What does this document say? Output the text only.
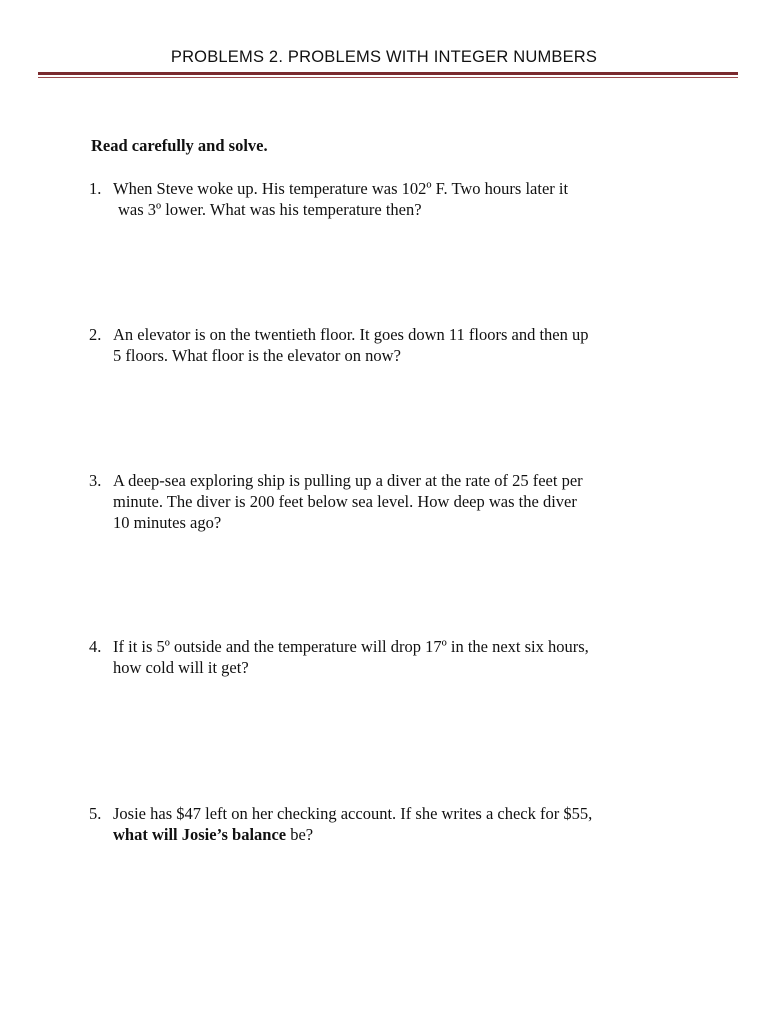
PROBLEMS 2. PROBLEMS WITH INTEGER NUMBERS
Read carefully and solve.
1. When Steve woke up. His temperature was 102º F. Two hours later it
was 3º lower. What was his temperature then?
2. An elevator is on the twentieth floor. It goes down 11 floors and then up
5 floors. What floor is the elevator on now?
3. A deep-sea exploring ship is pulling up a diver at the rate of 25 feet per
minute. The diver is 200 feet below sea level. How deep was the diver
10 minutes ago?
4. If it is 5º outside and the temperature will drop 17º in the next six hours,
how cold will it get?
5. Josie has $47 left on her checking account. If she writes a check for $55,
what will Josie’s balance be?
